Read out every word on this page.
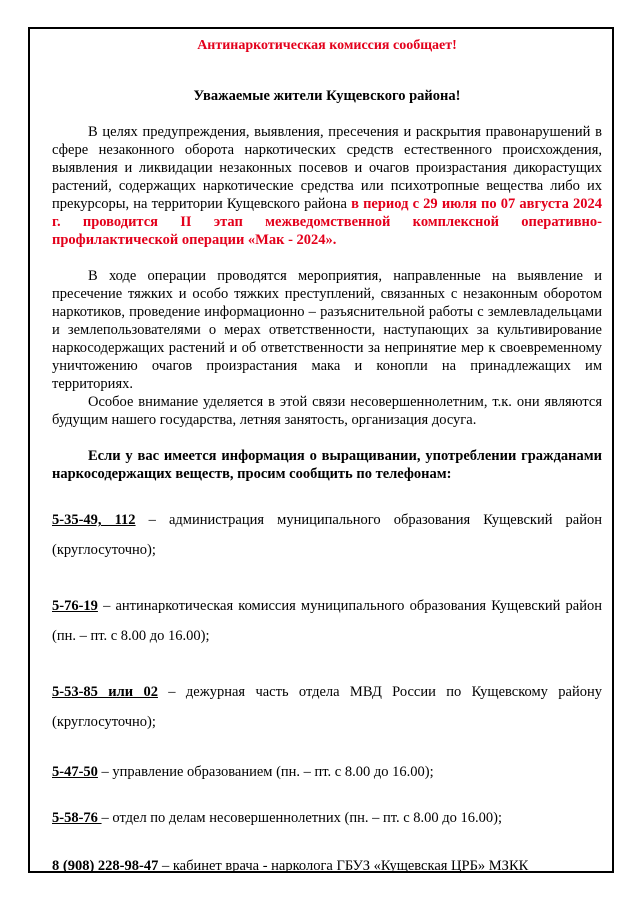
Антинаркотическая комиссия сообщает!
Уважаемые жители Кущевского района!

В целях предупреждения, выявления, пресечения и раскрытия правонарушений в сфере незаконного оборота наркотических средств естественного происхождения, выявления и ликвидации незаконных посевов и очагов произрастания дикорастущих растений, содержащих наркотические средства или психотропные вещества либо их прекурсоры, на территории Кущевского района в период с 29 июля по 07 августа 2024 г. проводится II этап межведомственной комплексной оперативно-профилактической операции «Мак - 2024».

В ходе операции проводятся мероприятия, направленные на выявление и пресечение тяжких и особо тяжких преступлений, связанных с незаконным оборотом наркотиков, проведение информационно – разъяснительной работы с землевладельцами и землепользователями о мерах ответственности, наступающих за культивирование наркосодержащих растений и об ответственности за непринятие мер к своевременному уничтожению очагов произрастания мака и конопли на принадлежащих им территориях.

Особое внимание уделяется в этой связи несовершеннолетним, т.к. они являются будущим нашего государства, летняя занятость, организация досуга.

Если у вас имеется информация о выращивании, употреблении гражданами наркосодержащих веществ, просим сообщить по телефонам:

5-35-49, 112 – администрация муниципального образования Кущевский район (круглосуточно);
5-76-19 – антинаркотическая комиссия муниципального образования Кущевский район (пн. – пт. с 8.00 до 16.00);
5-53-85 или 02 – дежурная часть отдела МВД России по Кущевскому району (круглосуточно);
5-47-50 – управление образованием (пн. – пт. с 8.00 до 16.00);
5-58-76 – отдел по делам несовершеннолетних (пн. – пт. с 8.00 до 16.00);
8 (908) 228-98-47 – кабинет врача - нарколога ГБУЗ «Кущевская ЦРБ» МЗКК
